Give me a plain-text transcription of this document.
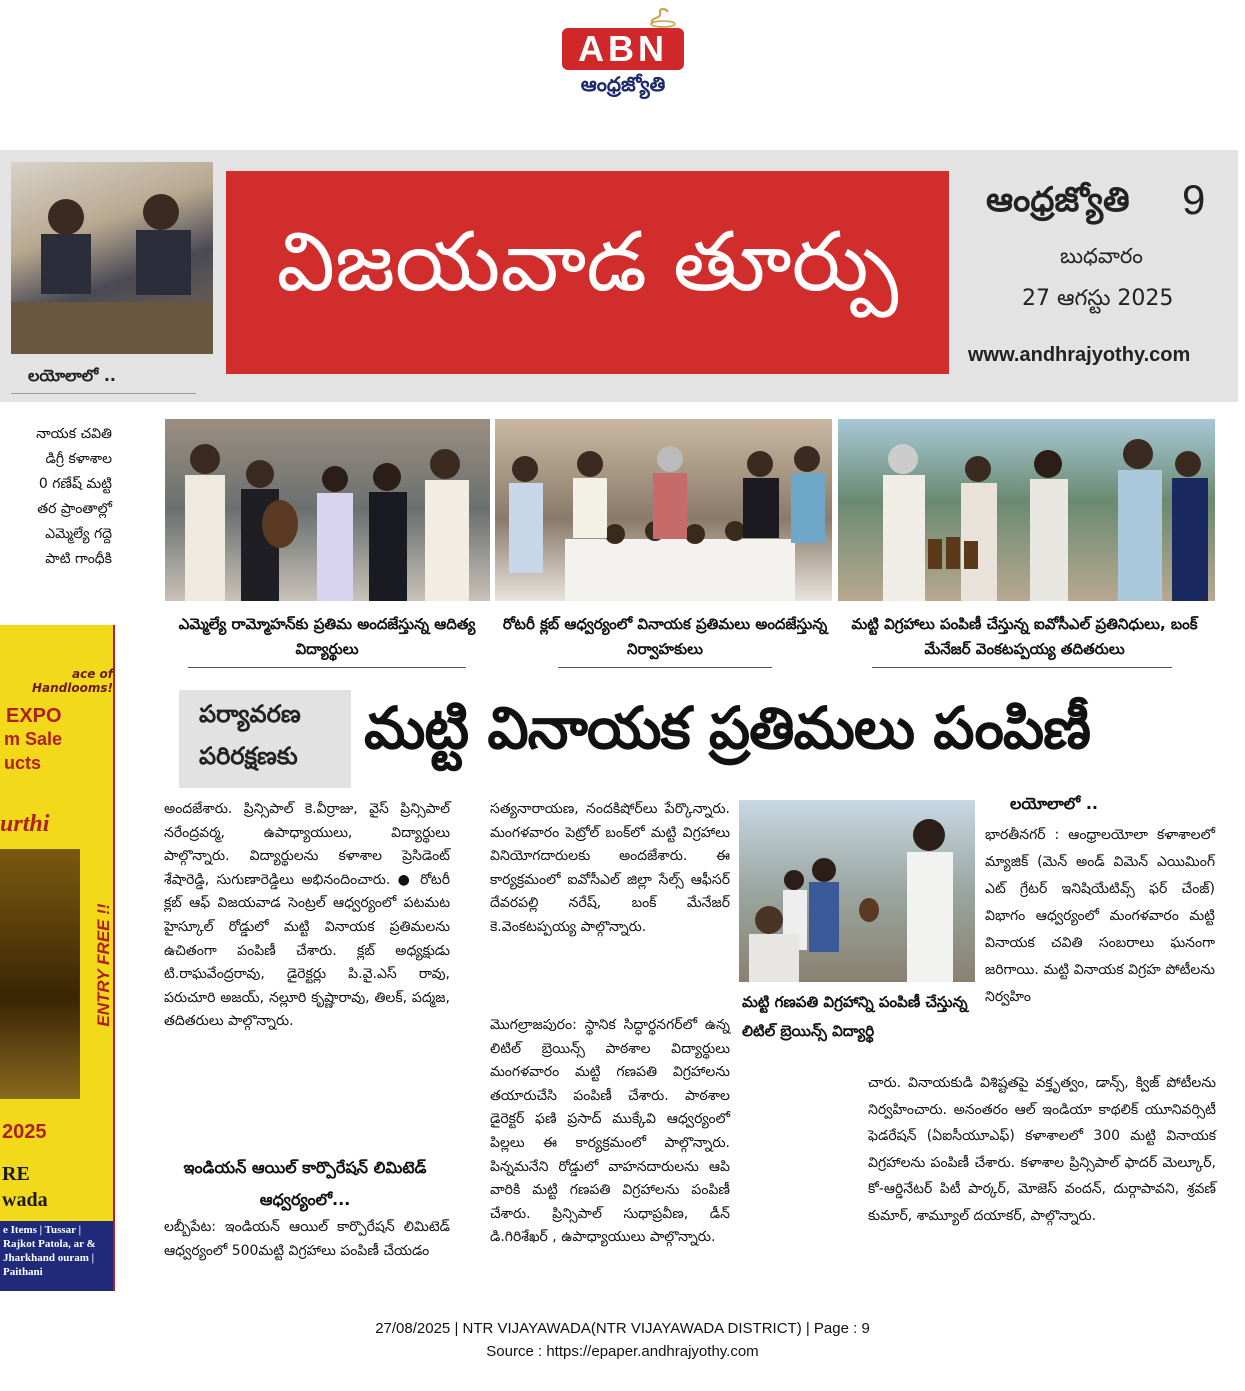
ABN
ఆంధ్రజ్యోతి
లయోలాలో ..
విజయవాడ తూర్పు
ఆంధ్రజ్యోతి 9
బుధవారం
27 ఆగస్టు 2025
www.andhrajyothy.com
నాయక చవితి
డిగ్రీ కళాశాల
0 గణేష్ మట్టి
తర ప్రాంతాల్లో
ఎమ్మెల్యే గద్దె
పాటి గాంధీకి
ace of Handlooms!
EXPO
m Sale
ucts
urthi
ENTRY FREE !!
2025
RE
wada
e Items | Tussar | Rajkot Patola, ar & Jharkhand ouram | Paithani
ఎమ్మెల్యే రామ్మోహన్‌కు ప్రతిమ అందజేస్తున్న ఆదిత్య విద్యార్థులు
రోటరీ క్లబ్ ఆధ్వర్యంలో వినాయక ప్రతిమలు అందజేస్తున్న నిర్వాహకులు
మట్టి విగ్రహాలు పంపిణీ చేస్తున్న ఐవోసీఎల్ ప్రతినిధులు, బంక్ మేనేజర్ వెంకటప్పయ్య తదితరులు
పర్యావరణ
పరిరక్షణకు మట్టి వినాయక ప్రతిమలు పంపిణీ

అందజేశారు. ప్రిన్సిపాల్ కె.వీర్రాజు, వైస్ ప్రిన్సిపాల్ నరేంద్రవర్మ, ఉపాధ్యాయులు, విద్యార్థులు పాల్గొన్నారు. విద్యార్థులను కళాశాల ప్రెసిడెంట్ శేషారెడ్డి, సుగుణారెడ్డిలు అభినందించారు. ● రోటరీ క్లబ్ ఆఫ్ విజయవాడ సెంట్రల్ ఆధ్వర్యంలో పటమట హైస్కూల్ రోడ్డులో మట్టి వినాయక ప్రతిమలను ఉచితంగా పంపిణీ చేశారు. క్లబ్ అధ్యక్షుడు టి.రాఘవేంద్రరావు, డైరెక్టర్లు పి.వై.ఎస్ రావు, పరుచూరి అజయ్, నల్లూరి కృష్ణారావు, తిలక్, పద్మజ, తదితరులు పాల్గొన్నారు.

ఇండియన్ ఆయిల్ కార్పొరేషన్ లిమిటెడ్ ఆధ్వర్యంలో...

లబ్బీపేట: ఇండియన్ ఆయిల్ కార్పొరేషన్ లిమిటెడ్ ఆధ్వర్యంలో 500మట్టి విగ్రహాలు పంపిణీ చేయడం

సత్యనారాయణ, నందకిషోర్‌లు పేర్కొన్నారు. మంగళవారం పెట్రోల్ బంక్‌లో మట్టి విగ్రహాలు వినియోగదారులకు అందజేశారు. ఈ కార్యక్రమంలో ఐవోసీఎల్ జిల్లా సేల్స్ ఆఫీసర్ దేవరపల్లి నరేష్, బంక్ మేనేజర్ కె.వెంకటప్పయ్య పాల్గొన్నారు.

మొగల్రాజపురం: స్థానిక సిద్ధార్థనగర్‌లో ఉన్న లిటిల్ బ్రెయిన్స్ పాఠశాల విద్యార్థులు మంగళవారం మట్టి గణపతి విగ్రహాలను తయారుచేసి పంపిణీ చేశారు. పాఠశాల డైరెక్టర్ ఫణి ప్రసాద్ ముక్కేవి ఆధ్వర్యంలో పిల్లలు ఈ కార్యక్రమంలో పాల్గొన్నారు. పిన్నమనేని రోడ్డులో వాహనదారులను ఆపి వారికి మట్టి గణపతి విగ్రహాలను పంపిణీ చేశారు. ప్రిన్సిపాల్ సుధాప్రవీణ, డీన్ డి.గిరిశేఖర్ , ఉపాధ్యాయులు పాల్గొన్నారు.

మట్టి గణపతి విగ్రహాన్ని పంపిణీ చేస్తున్న లిటిల్ బ్రెయిన్స్ విద్యార్థి
లయోలాలో ..

భారతీనగర్ : ఆంధ్రాలయోలా కళాశాలలో మ్యాజిక్ (మెన్ అండ్ విమెన్ ఎయిమింగ్ ఎట్ గ్రేటర్ ఇనిషియేటివ్స్ ఫర్ చేంజ్) విభాగం ఆధ్వర్యంలో మంగళవారం మట్టి వినాయక చవితి సంబరాలు ఘనంగా జరిగాయి. మట్టి వినాయక విగ్రహ పోటీలను నిర్వహిం

చారు. వినాయకుడి విశిష్టతపై వక్తృత్వం, డాన్స్, క్విజ్ పోటీలను నిర్వహించారు. అనంతరం ఆల్ ఇండియా కాథలిక్ యూనివర్సిటీ ఫెడరేషన్ (ఏఐసీయూఎఫ్) కళాశాలలో 300 మట్టి వినాయక విగ్రహాలను పంపిణీ చేశారు. కళాశాల ప్రిన్సిపాల్ ఫాదర్ మెల్కూర్, కో-ఆర్డినేటర్ పిటీ పార్కర్, మోజెస్ వందన్, దుర్గాపావని, శ్రవణ్ కుమార్, శామ్యూల్ దయాకర్, పాల్గొన్నారు.

27/08/2025 | NTR VIJAYAWADA(NTR VIJAYAWADA DISTRICT) | Page : 9
Source : https://epaper.andhrajyothy.com
